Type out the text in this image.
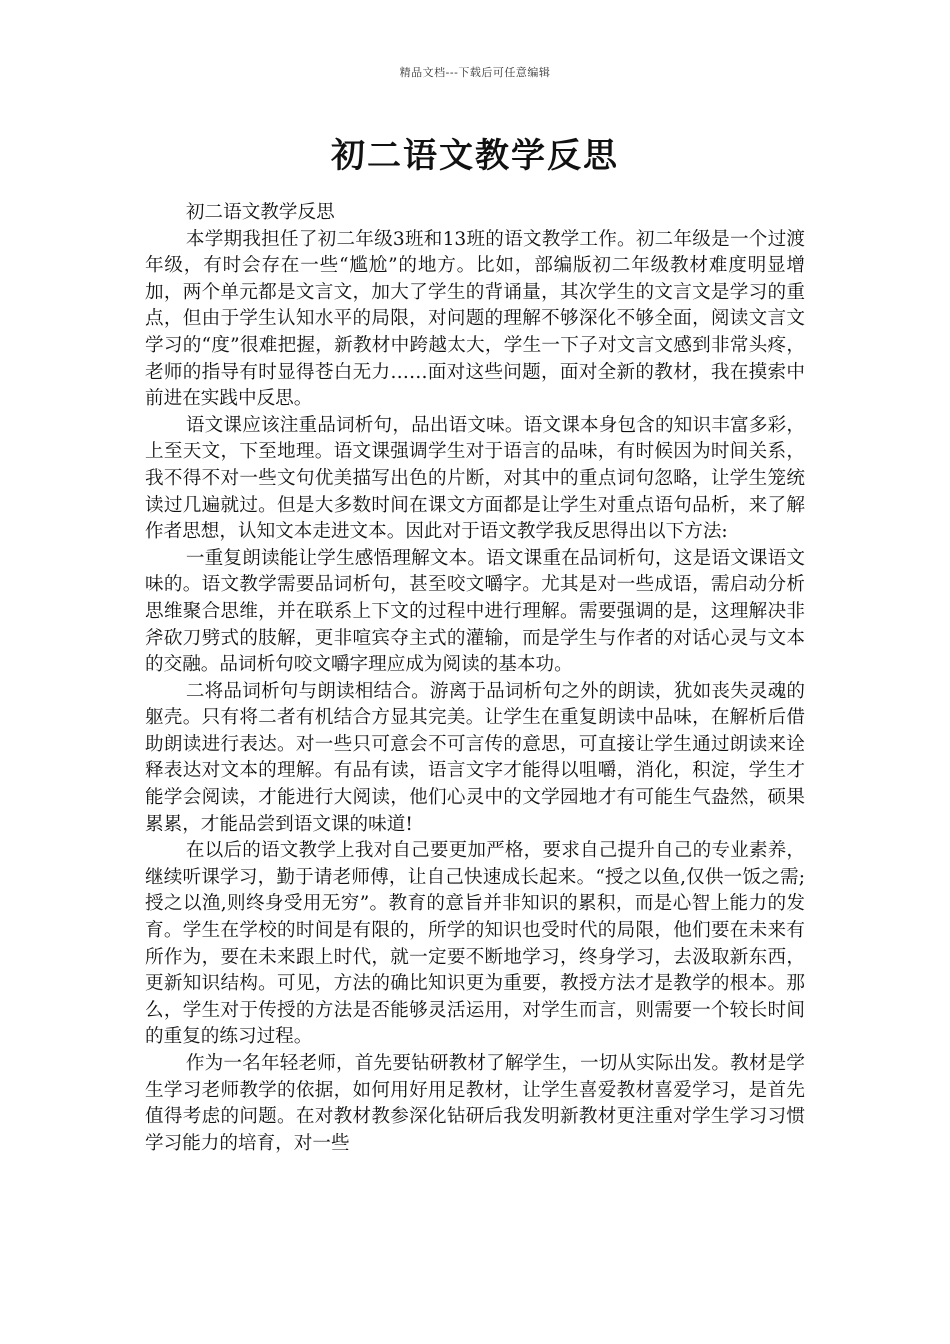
精品文档---下载后可任意编辑
初二语文教学反思

初二语文教学反思

本学期我担任了初二年级3班和13班的语文教学工作。初二年级是一个过渡年级，有时会存在一些“尴尬”的地方。比如，部编版初二年级教材难度明显增加，两个单元都是文言文，加大了学生的背诵量，其次学生的文言文是学习的重点，但由于学生认知水平的局限，对问题的理解不够深化不够全面，阅读文言文学习的“度”很难把握，新教材中跨越太大，学生一下子对文言文感到非常头疼，老师的指导有时显得苍白无力……面对这些问题，面对全新的教材，我在摸索中前进在实践中反思。

语文课应该注重品词析句，品出语文味。语文课本身包含的知识丰富多彩，上至天文，下至地理。语文课强调学生对于语言的品味，有时候因为时间关系，我不得不对一些文句优美描写出色的片断，对其中的重点词句忽略，让学生笼统读过几遍就过。但是大多数时间在课文方面都是让学生对重点语句品析，来了解作者思想，认知文本走进文本。因此对于语文教学我反思得出以下方法:

一重复朗读能让学生感悟理解文本。语文课重在品词析句，这是语文课语文味的。语文教学需要品词析句，甚至咬文嚼字。尤其是对一些成语，需启动分析思维聚合思维，并在联系上下文的过程中进行理解。需要强调的是，这理解决非斧砍刀劈式的肢解，更非喧宾夺主式的灌输，而是学生与作者的对话心灵与文本的交融。品词析句咬文嚼字理应成为阅读的基本功。

二将品词析句与朗读相结合。游离于品词析句之外的朗读，犹如丧失灵魂的躯壳。只有将二者有机结合方显其完美。让学生在重复朗读中品味，在解析后借助朗读进行表达。对一些只可意会不可言传的意思，可直接让学生通过朗读来诠释表达对文本的理解。有品有读，语言文字才能得以咀嚼，消化，积淀，学生才能学会阅读，才能进行大阅读，他们心灵中的文学园地才有可能生气盎然，硕果累累，才能品尝到语文课的味道!

在以后的语文教学上我对自己要更加严格，要求自己提升自己的专业素养，继续听课学习，勤于请老师傅，让自己快速成长起来。“授之以鱼,仅供一饭之需;授之以渔,则终身受用无穷”。教育的意旨并非知识的累积，而是心智上能力的发育。学生在学校的时间是有限的，所学的知识也受时代的局限，他们要在未来有所作为，要在未来跟上时代，就一定要不断地学习，终身学习，去汲取新东西，更新知识结构。可见，方法的确比知识更为重要，教授方法才是教学的根本。那么，学生对于传授的方法是否能够灵活运用，对学生而言，则需要一个较长时间的重复的练习过程。

作为一名年轻老师，首先要钻研教材了解学生，一切从实际出发。教材是学生学习老师教学的依据，如何用好用足教材，让学生喜爱教材喜爱学习，是首先值得考虑的问题。在对教材教参深化钻研后我发明新教材更注重对学生学习习惯学习能力的培育，对一些
